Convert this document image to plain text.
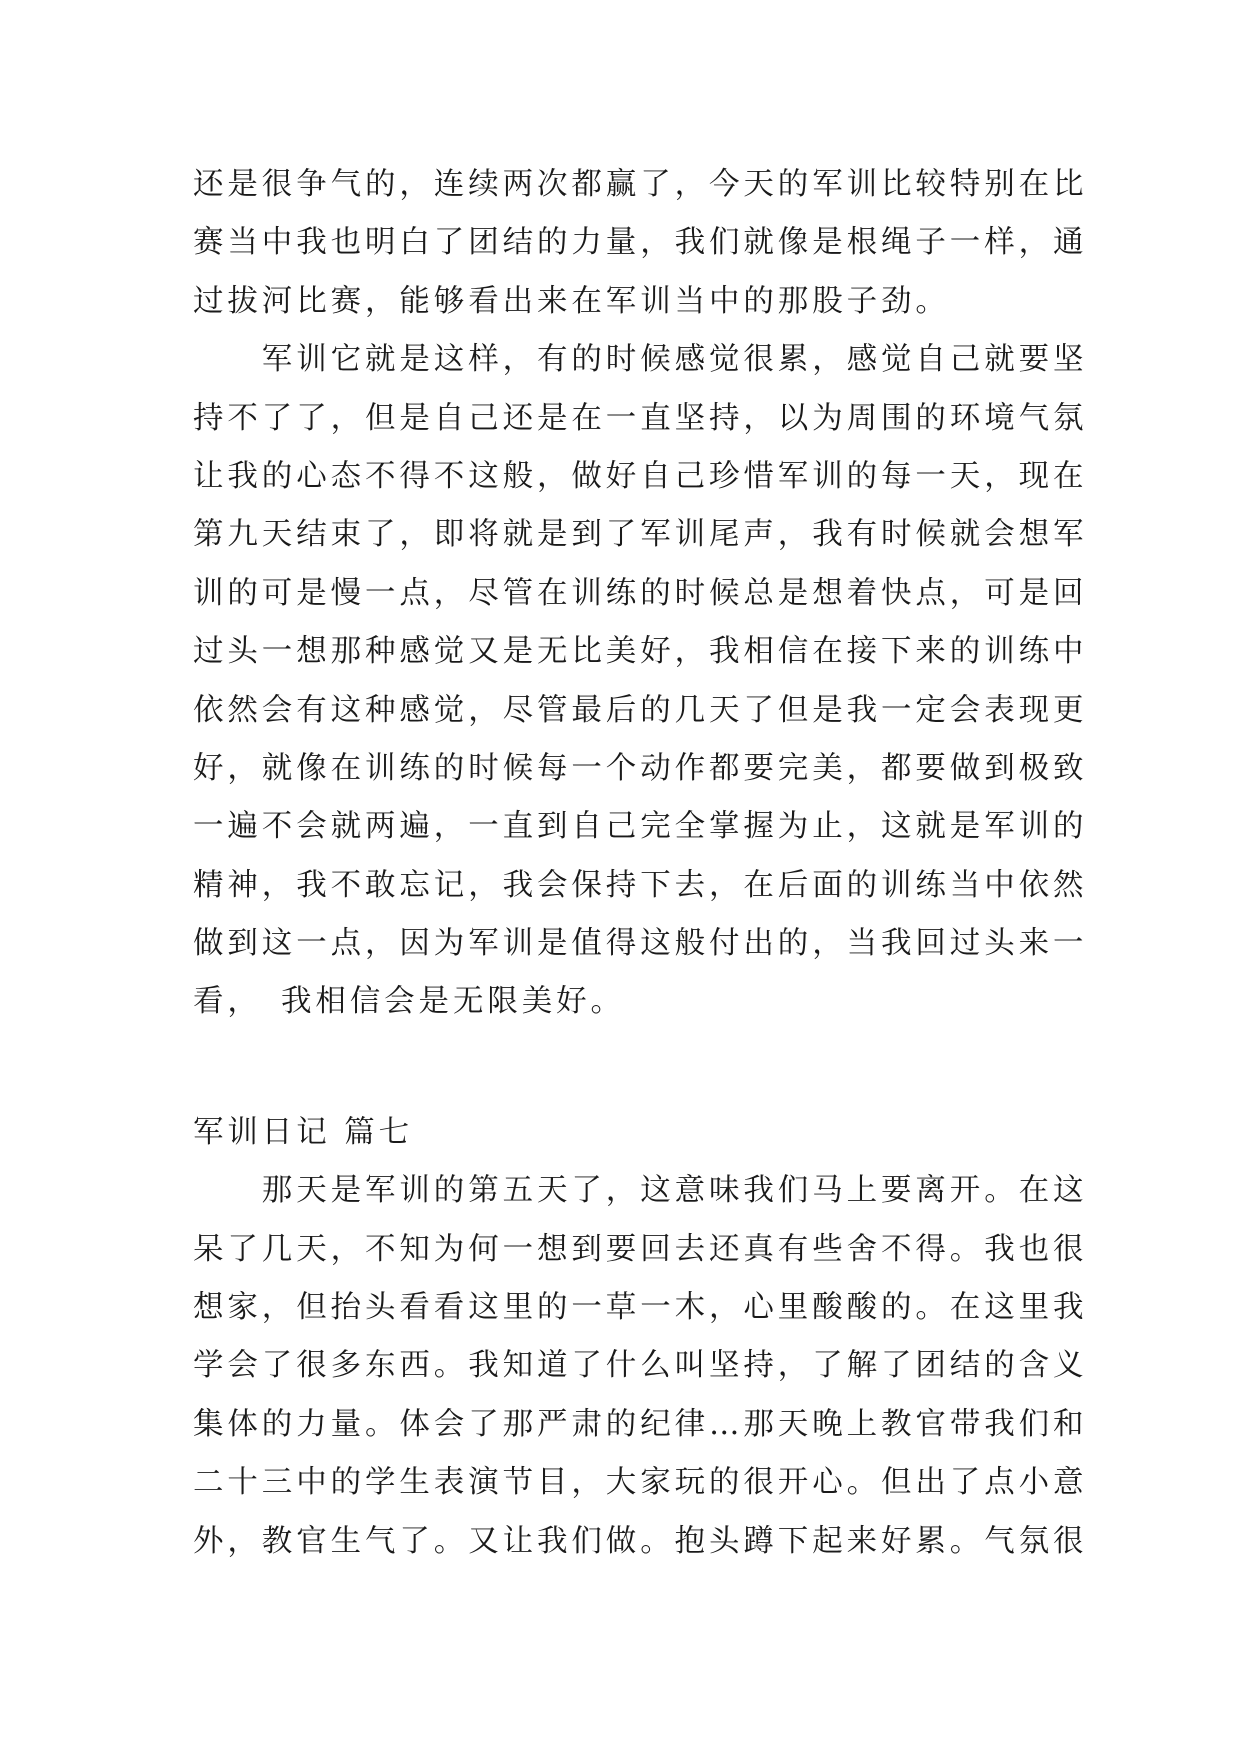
还是很争气的，连续两次都赢了，今天的军训比较特别在比
赛当中我也明白了团结的力量，我们就像是根绳子一样，通
过拔河比赛，能够看出来在军训当中的那股子劲。
　　军训它就是这样，有的时候感觉很累，感觉自己就要坚
持不了了，但是自己还是在一直坚持，以为周围的环境气氛
让我的心态不得不这般，做好自己珍惜军训的每一天，现在
第九天结束了，即将就是到了军训尾声，我有时候就会想军
训的可是慢一点，尽管在训练的时候总是想着快点，可是回
过头一想那种感觉又是无比美好，我相信在接下来的训练中
依然会有这种感觉，尽管最后的几天了但是我一定会表现更
好，就像在训练的时候每一个动作都要完美，都要做到极致
一遍不会就两遍，一直到自己完全掌握为止，这就是军训的
精神，我不敢忘记，我会保持下去，在后面的训练当中依然
做到这一点，因为军训是值得这般付出的，当我回过头来一
看，　我相信会是无限美好。
军训日记 篇七
　　那天是军训的第五天了，这意味我们马上要离开。在这
呆了几天，不知为何一想到要回去还真有些舍不得。我也很
想家，但抬头看看这里的一草一木，心里酸酸的。在这里我
学会了很多东西。我知道了什么叫坚持，了解了团结的含义
集体的力量。体会了那严肃的纪律…那天晚上教官带我们和
二十三中的学生表演节目，大家玩的很开心。但出了点小意
外，教官生气了。又让我们做。抱头蹲下起来好累。气氛很
